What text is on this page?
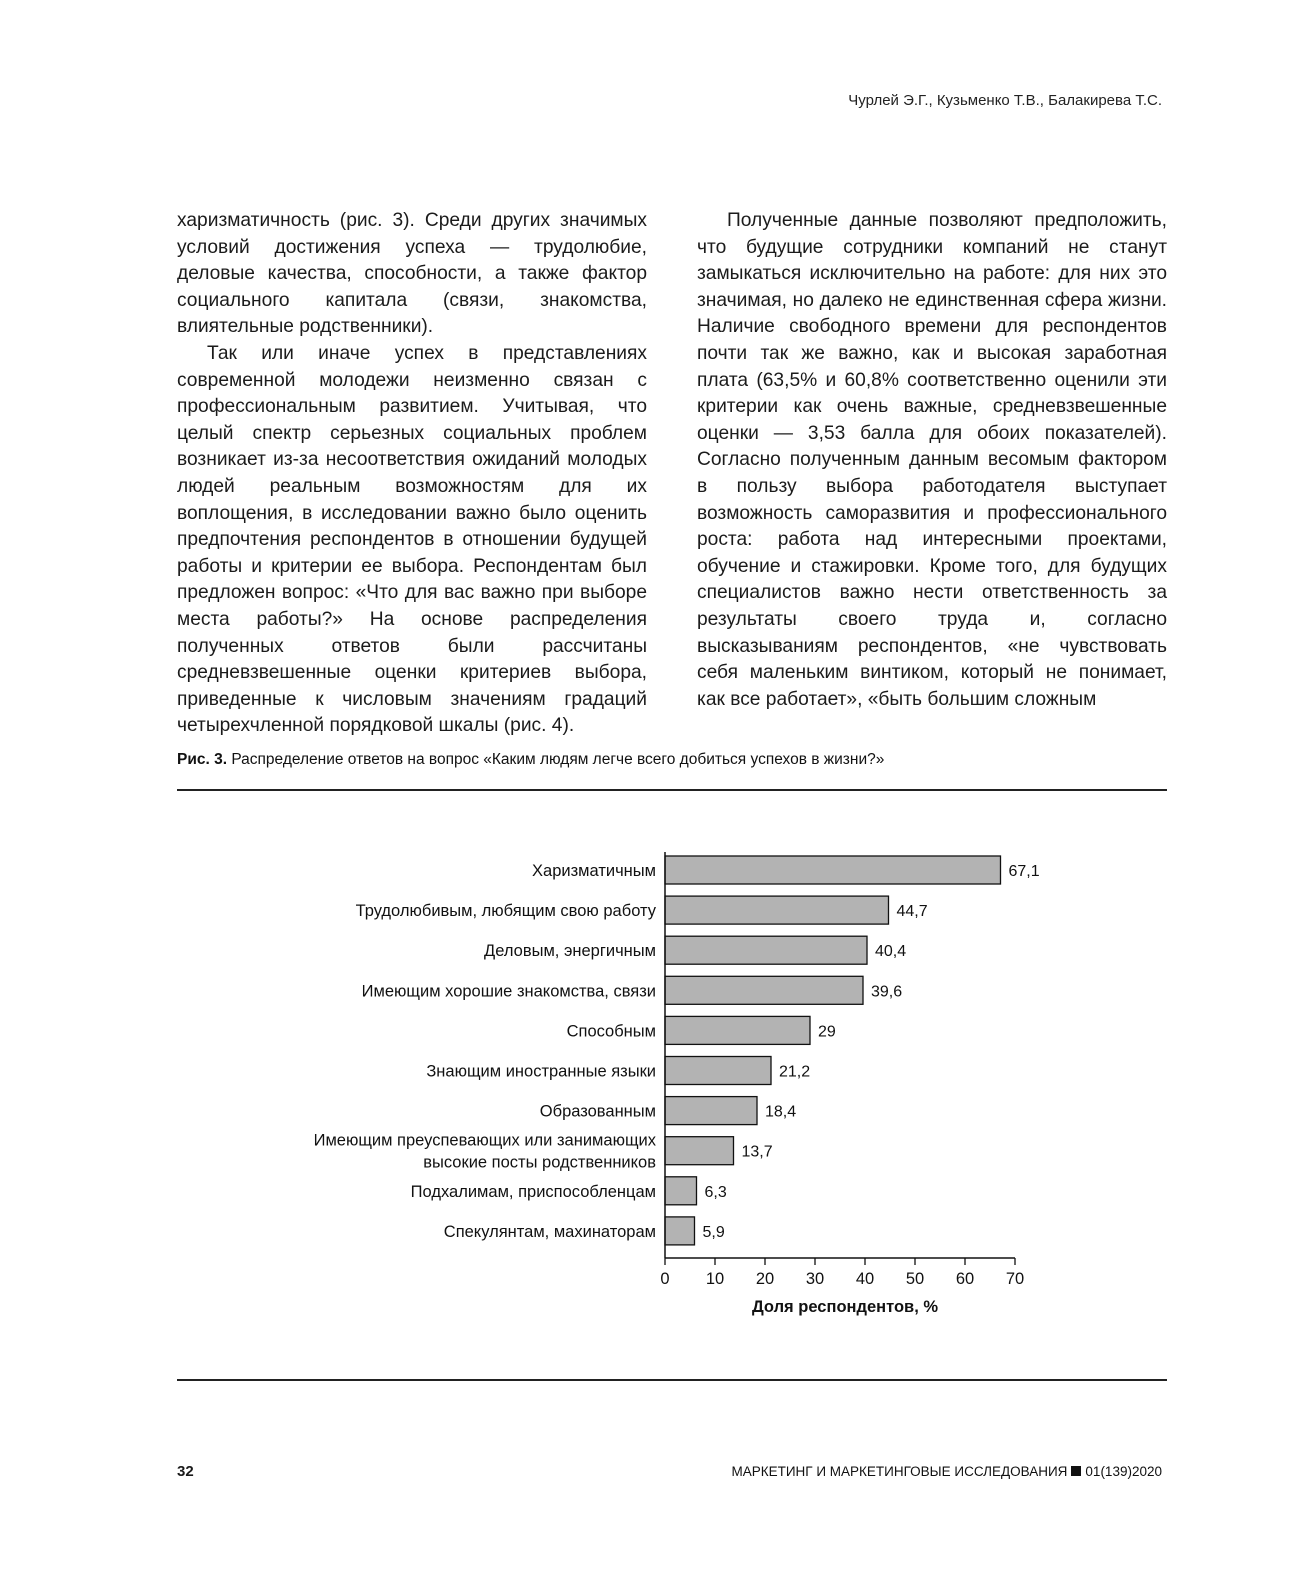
Чурлей Э.Г., Кузьменко Т.В., Балакирева Т.С.

харизматичность (рис. 3). Среди других значимых условий достижения успеха — трудолюбие, деловые качества, способности, а также фактор социального капитала (связи, знакомства, влиятельные родственники).

Так или иначе успех в представлениях современной молодежи неизменно связан с профессиональным развитием. Учитывая, что целый спектр серьезных социальных проблем возникает из-за несоответствия ожиданий молодых людей реальным возможностям для их воплощения, в исследовании важно было оценить предпочтения респондентов в отношении будущей работы и критерии ее выбора. Респондентам был предложен вопрос: «Что для вас важно при выборе места работы?» На основе распределения полученных ответов были рассчитаны средневзвешенные оценки критериев выбора, приведенные к числовым значениям градаций четырехчленной порядковой шкалы (рис. 4).

Полученные данные позволяют предположить, что будущие сотрудники компаний не станут замыкаться исключительно на работе: для них это значимая, но далеко не единственная сфера жизни. Наличие свободного времени для респондентов почти так же важно, как и высокая заработная плата (63,5% и 60,8% соответственно оценили эти критерии как очень важные, средневзвешенные оценки — 3,53 балла для обоих показателей). Согласно полученным данным весомым фактором в пользу выбора работодателя выступает возможность саморазвития и профессионального роста: работа над интересными проектами, обучение и стажировки. Кроме того, для будущих специалистов важно нести ответственность за результаты своего труда и, согласно высказываниям респондентов, «не чувствовать себя маленьким винтиком, который не понимает, как все работает», «быть большим сложным

Рис. 3. Распределение ответов на вопрос «Каким людям легче всего добиться успехов в жизни?»
67,1
Харизматичным
44,7
Трудолюбивым, любящим свою работу
40,4
Деловым, энергичным
39,6
Имеющим хорошие знакомства, связи
29
Способным
21,2
Знающим иностранные языки
18,4
Образованным
13,7
Имеющим преуспевающих или занимающих
высокие посты родственников
6,3
Подхалимам, приспособленцам
5,9
Спекулянтам, махинаторам
0 10 20 30 40 50 60 70
Доля респондентов, %
32	МАРКЕТИНГ И МАРКЕТИНГОВЫЕ ИССЛЕДОВАНИЯ 01(139)2020
